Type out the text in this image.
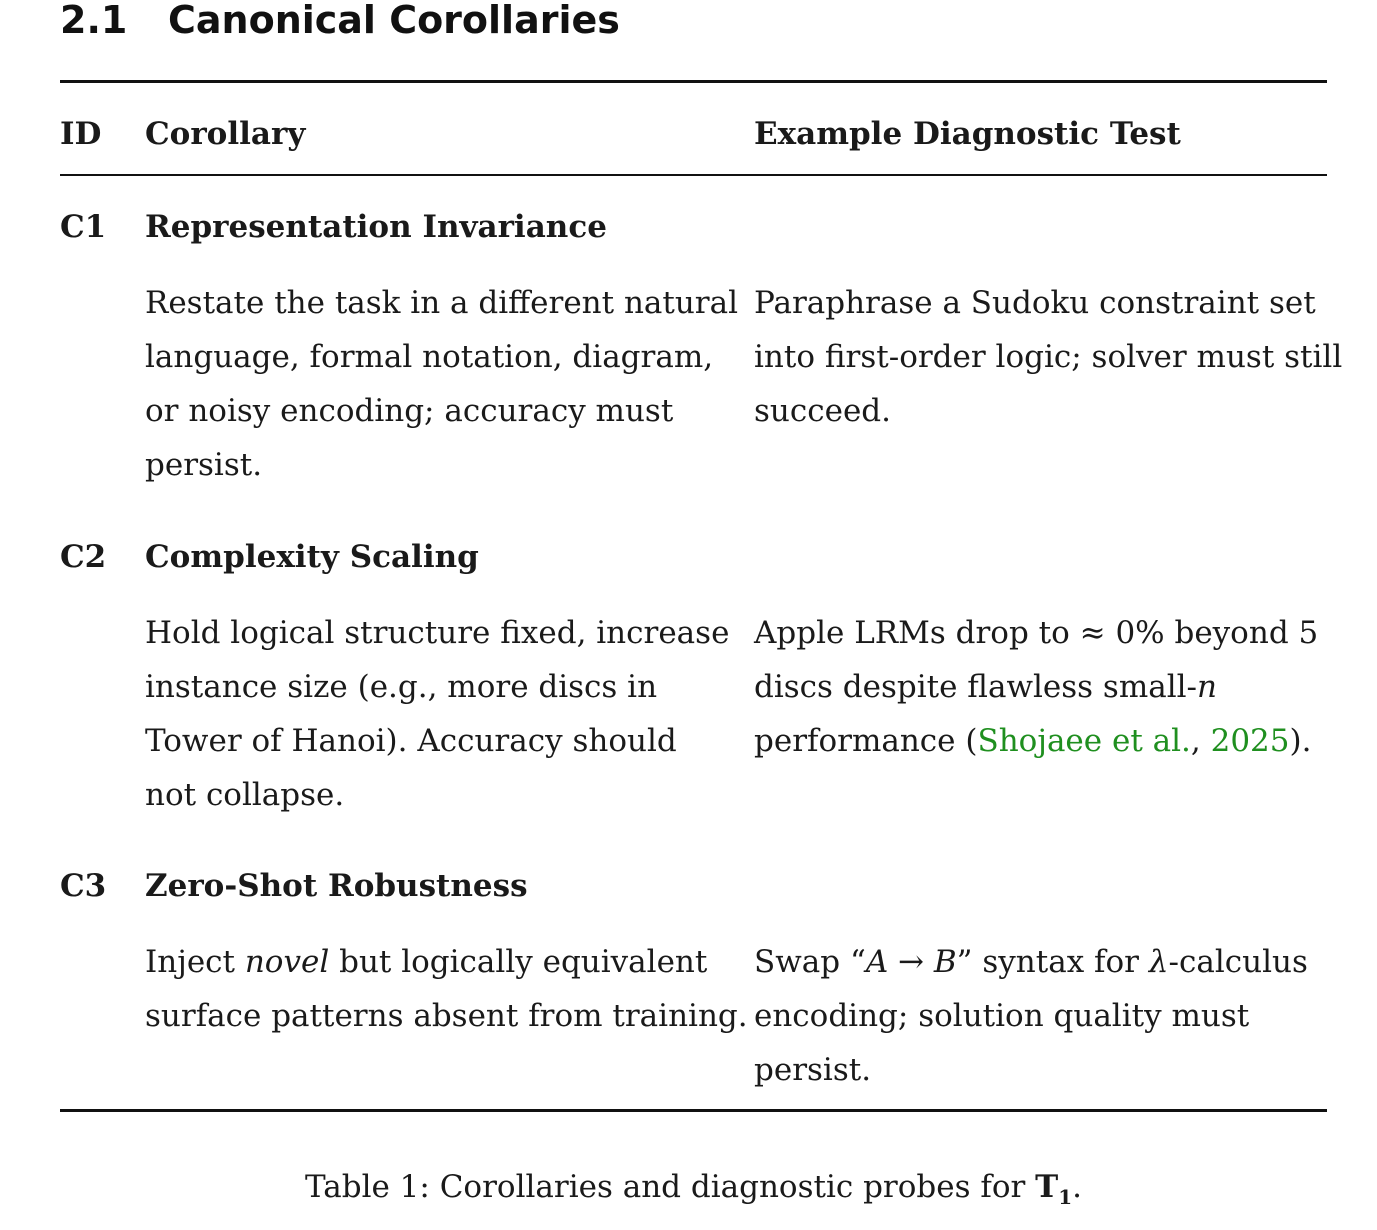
2.1 Canonical Corollaries
ID Corollary	Example Diagnostic Test
C1 Representation Invariance
Restate the task in a different natural
language, formal notation, diagram,
or noisy encoding; accuracy must
persist.
Paraphrase a Sudoku constraint set
into first-order logic; solver must still
succeed.
C2 Complexity Scaling
Hold logical structure fixed, increase
instance size (e.g., more discs in
Tower of Hanoi). Accuracy should
not collapse.
Apple LRMs drop to ≈ 0% beyond 5
discs despite flawless small-n
performance (Shojaee et al., 2025).
C3 Zero-Shot Robustness
Inject novel but logically equivalent
surface patterns absent from training.
Swap “A → B” syntax for λ-calculus
encoding; solution quality must
persist.
Table 1: Corollaries and diagnostic probes for $T_1$.
